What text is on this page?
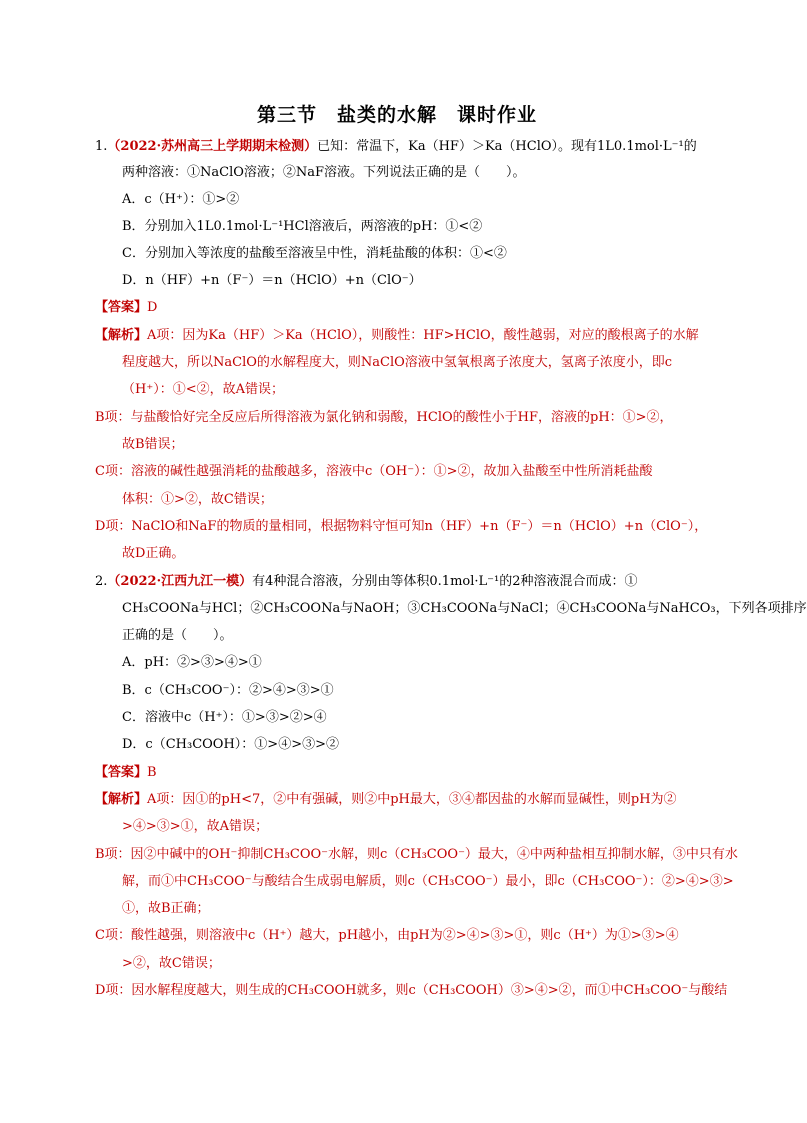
第三节　盐类的水解　课时作业
1.（2022·苏州高三上学期期末检测）已知：常温下，Ka（HF）＞Ka（HClO）。现有1L0.1mol·L⁻¹的
两种溶液：①NaClO溶液；②NaF溶液。下列说法正确的是（　　）。
A．c（H⁺）：①>②
B．分别加入1L0.1mol·L⁻¹HCl溶液后，两溶液的pH：①<②
C．分别加入等浓度的盐酸至溶液呈中性，消耗盐酸的体积：①<②
D．n（HF）+n（F⁻）＝n（HClO）+n（ClO⁻）
【答案】D
【解析】A项：因为Ka（HF）＞Ka（HClO），则酸性：HF>HClO，酸性越弱，对应的酸根离子的水解
程度越大，所以NaClO的水解程度大，则NaClO溶液中氢氧根离子浓度大，氢离子浓度小，即c
（H⁺）：①<②，故A错误；
B项：与盐酸恰好完全反应后所得溶液为氯化钠和弱酸，HClO的酸性小于HF，溶液的pH：①>②，
故B错误；
C项：溶液的碱性越强消耗的盐酸越多，溶液中c（OH⁻）：①>②，故加入盐酸至中性所消耗盐酸
体积：①>②，故C错误；
D项：NaClO和NaF的物质的量相同，根据物料守恒可知n（HF）+n（F⁻）＝n（HClO）+n（ClO⁻），
故D正确。
2.（2022·江西九江一模）有4种混合溶液，分别由等体积0.1mol·L⁻¹的2种溶液混合而成：①
CH₃COONa与HCl；②CH₃COONa与NaOH；③CH₃COONa与NaCl；④CH₃COONa与NaHCO₃，下列各项排序
正确的是（　　）。
A．pH：②>③>④>①
B．c（CH₃COO⁻）：②>④>③>①
C．溶液中c（H⁺）：①>③>②>④
D．c（CH₃COOH）：①>④>③>②
【答案】B
【解析】A项：因①的pH<7，②中有强碱，则②中pH最大，③④都因盐的水解而显碱性，则pH为②
>④>③>①，故A错误；
B项：因②中碱中的OH⁻抑制CH₃COO⁻水解，则c（CH₃COO⁻）最大，④中两种盐相互抑制水解，③中只有水
解，而①中CH₃COO⁻与酸结合生成弱电解质，则c（CH₃COO⁻）最小，即c（CH₃COO⁻）：②>④>③>
①，故B正确；
C项：酸性越强，则溶液中c（H⁺）越大，pH越小，由pH为②>④>③>①，则c（H⁺）为①>③>④
>②，故C错误；
D项：因水解程度越大，则生成的CH₃COOH就多，则c（CH₃COOH）③>④>②，而①中CH₃COO⁻与酸结
